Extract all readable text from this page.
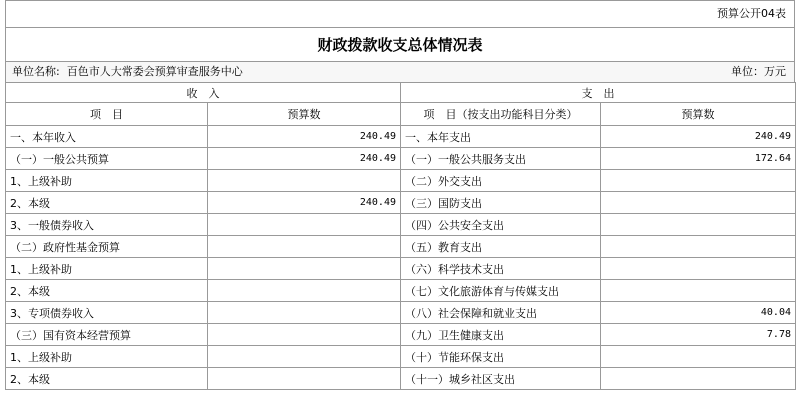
预算公开04表
财政拨款收支总体情况表
单位名称: 百色市人大常委会预算审查服务中心	单位：万元
收　入		支　出	
项　目	预算数	项　目（按支出功能科目分类）	预算数
一、本年收入	240.49	一、本年支出	240.49
（一）一般公共预算	240.49	（一）一般公共服务支出	172.64
1、上级补助		（二）外交支出	
2、本级	240.49	（三）国防支出	
3、一般债券收入		（四）公共安全支出	
（二）政府性基金预算		（五）教育支出	
1、上级补助		（六）科学技术支出	
2、本级		（七）文化旅游体育与传媒支出	
3、专项债券收入		（八）社会保障和就业支出	40.04
（三）国有资本经营预算		（九）卫生健康支出	7.78
1、上级补助		（十）节能环保支出	
2、本级		（十一）城乡社区支出	
